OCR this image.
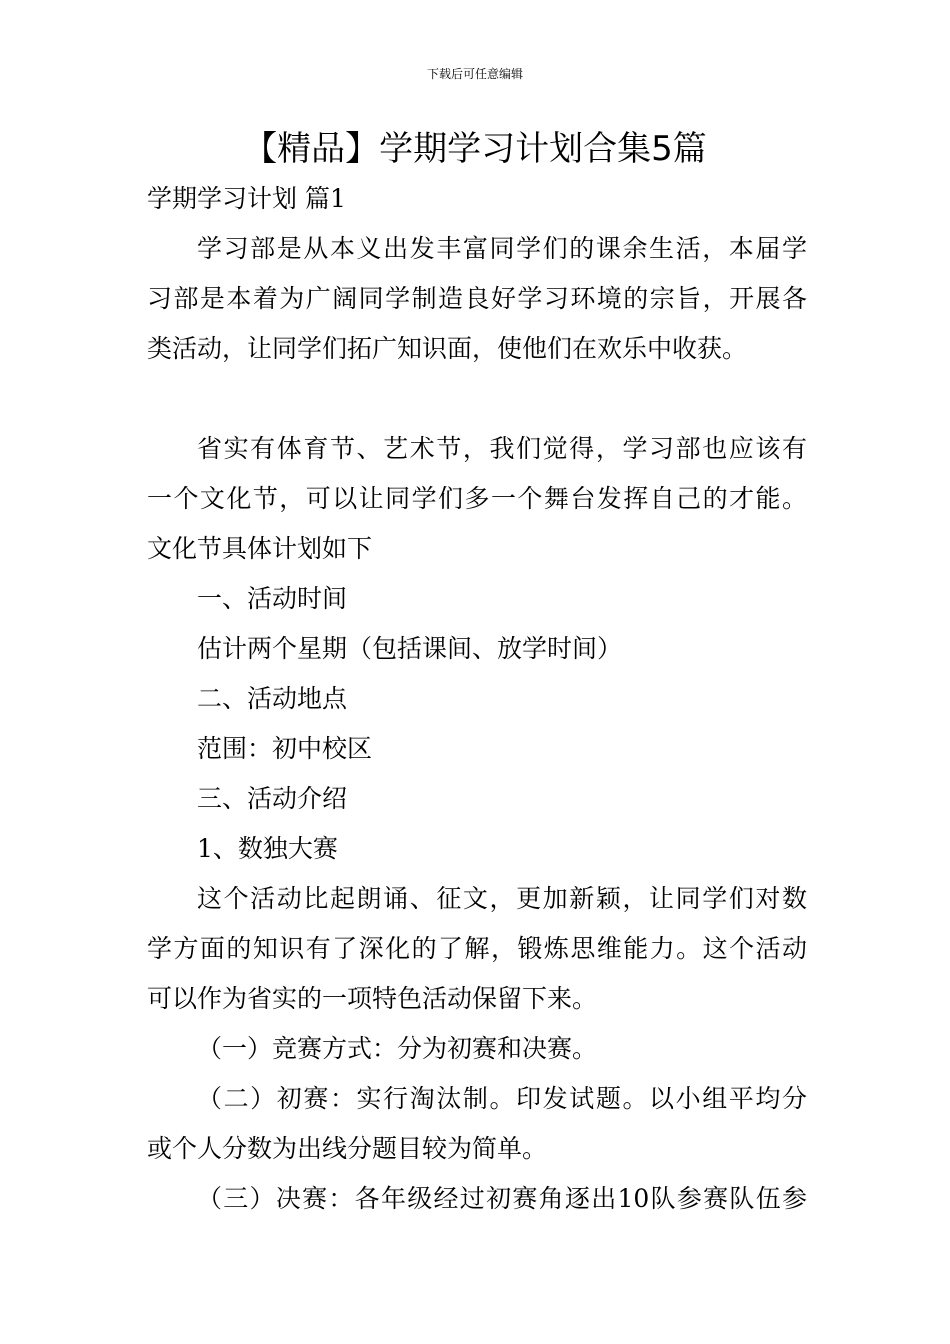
下载后可任意编辑
【精品】学期学习计划合集5篇
学期学习计划 篇1
学习部是从本义出发丰富同学们的课余生活，本届学
习部是本着为广阔同学制造良好学习环境的宗旨，开展各
类活动，让同学们拓广知识面，使他们在欢乐中收获。
省实有体育节、艺术节，我们觉得，学习部也应该有
一个文化节，可以让同学们多一个舞台发挥自己的才能。
文化节具体计划如下
一、活动时间
估计两个星期（包括课间、放学时间）
二、活动地点
范围：初中校区
三、活动介绍
1、数独大赛
这个活动比起朗诵、征文，更加新颖，让同学们对数
学方面的知识有了深化的了解，锻炼思维能力。这个活动
可以作为省实的一项特色活动保留下来。
（一）竞赛方式：分为初赛和决赛。
（二）初赛：实行淘汰制。印发试题。以小组平均分
或个人分数为出线分题目较为简单。
（三）决赛：各年级经过初赛角逐出10队参赛队伍参
